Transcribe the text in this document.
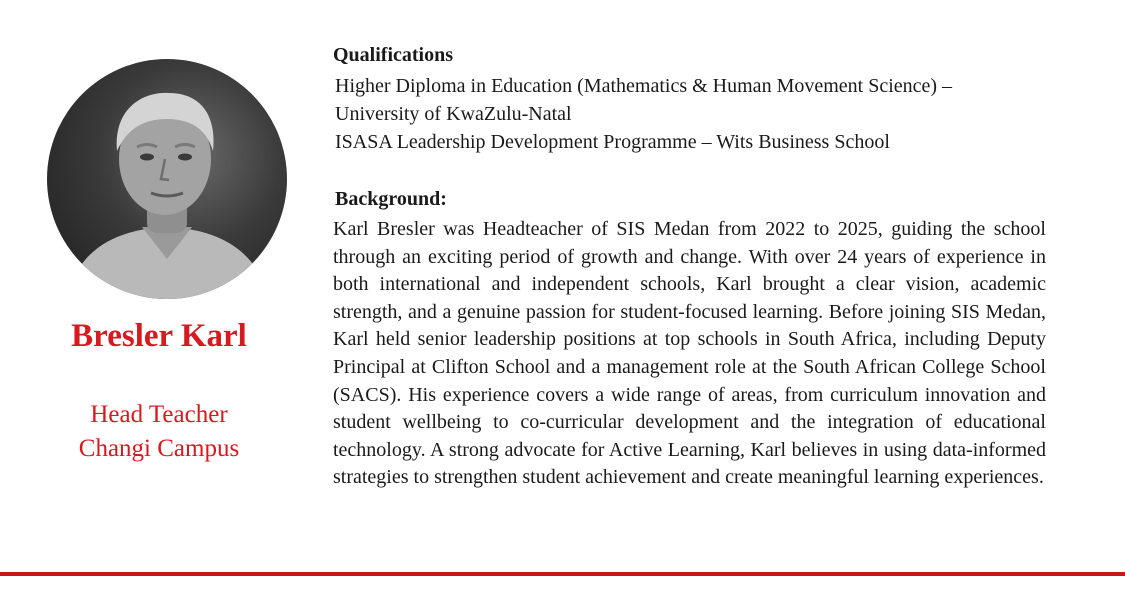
Bresler Karl
Head Teacher
Changi Campus
Qualifications
Higher Diploma in Education (Mathematics & Human Movement Science) –
University of KwaZulu-Natal
ISASA Leadership Development Programme – Wits Business School
Background:

Karl Bresler was Headteacher of SIS Medan from 2022 to 2025, guiding the school through an exciting period of growth and change. With over 24 years of experience in both international and independent schools, Karl brought a clear vision, academic strength, and a genuine passion for student-focused learning. Before joining SIS Medan, Karl held senior leadership positions at top schools in South Africa, including Deputy Principal at Clifton School and a management role at the South African College School (SACS). His experience covers a wide range of areas, from curriculum innovation and student wellbeing to co-curricular development and the integration of educational technology. A strong advocate for Active Learning, Karl believes in using data-informed strategies to strengthen student achievement and create meaningful learning experiences.
